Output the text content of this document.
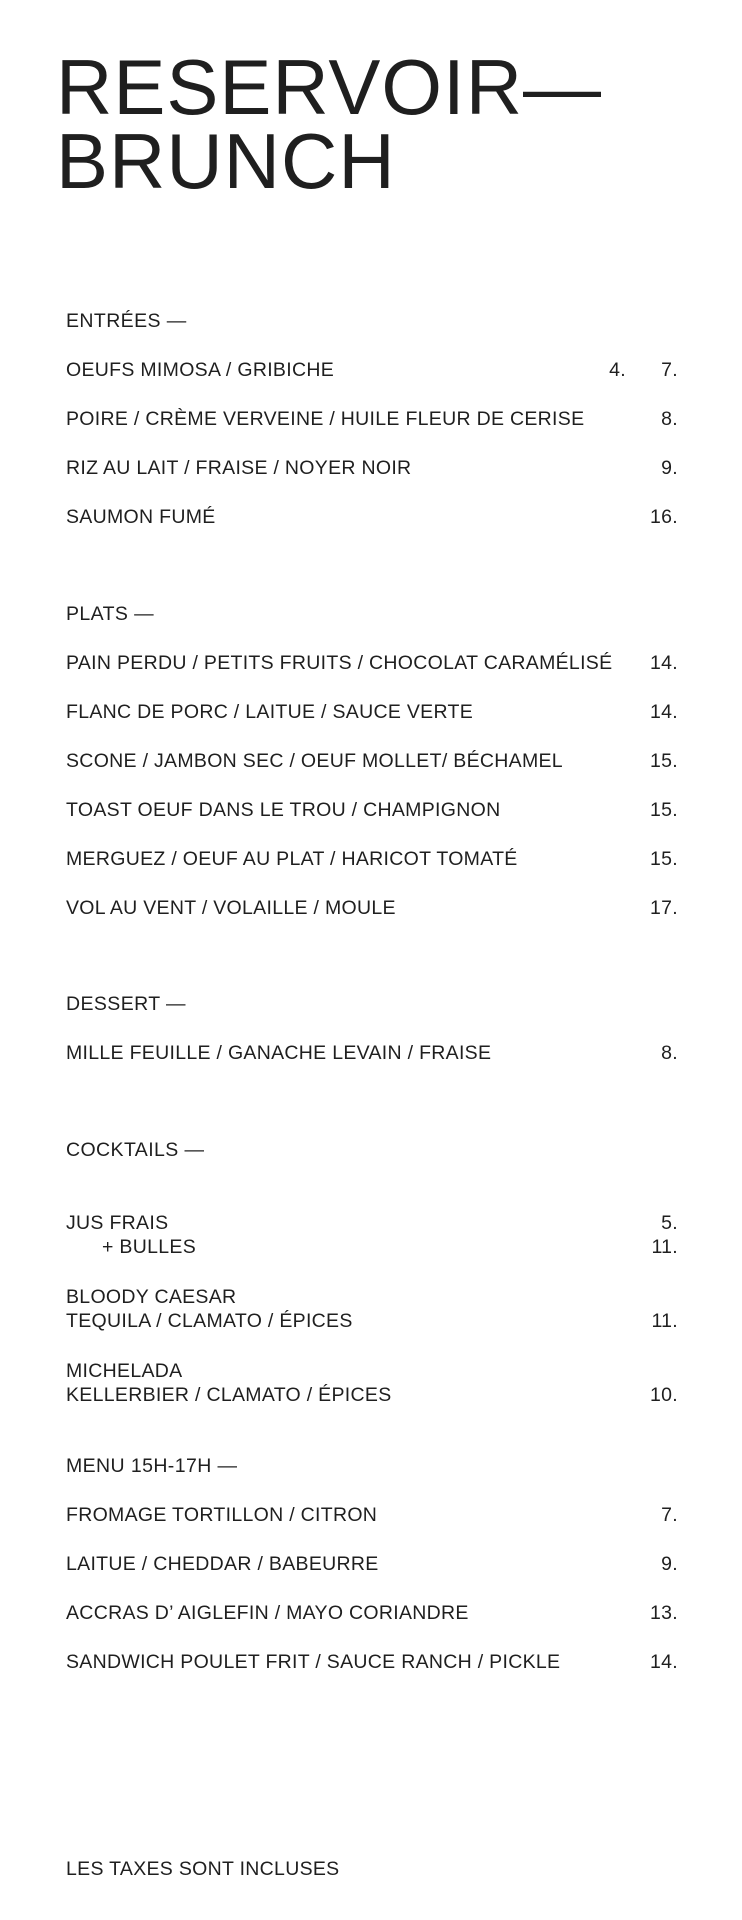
RESERVOIR—
BRUNCH
ENTRÉES —
OEUFS MIMOSA / GRIBICHE	4. 7.
POIRE / CRÈME VERVEINE / HUILE FLEUR DE CERISE	8.
RIZ AU LAIT / FRAISE / NOYER NOIR	9.
SAUMON FUMÉ	16.
PLATS —
PAIN PERDU / PETITS FRUITS / CHOCOLAT CARAMÉLISÉ 14.
FLANC DE PORC / LAITUE / SAUCE VERTE	14.
SCONE / JAMBON SEC / OEUF MOLLET/ BÉCHAMEL	15.
TOAST OEUF DANS LE TROU / CHAMPIGNON	15.
MERGUEZ / OEUF AU PLAT / HARICOT TOMATÉ	15.
VOL AU VENT / VOLAILLE / MOULE	17.
DESSERT —
MILLE FEUILLE / GANACHE LEVAIN / FRAISE	8.
COCKTAILS —
JUS FRAIS	5.
+ BULLES	11.
BLOODY CAESAR
TEQUILA / CLAMATO / ÉPICES	11.
MICHELADA
KELLERBIER / CLAMATO / ÉPICES	10.
MENU 15H-17H —
FROMAGE TORTILLON / CITRON	7.
LAITUE / CHEDDAR / BABEURRE	9.
ACCRAS D’ AIGLEFIN / MAYO CORIANDRE	13.
SANDWICH POULET FRIT / SAUCE RANCH / PICKLE	14.
LES TAXES SONT INCLUSES
